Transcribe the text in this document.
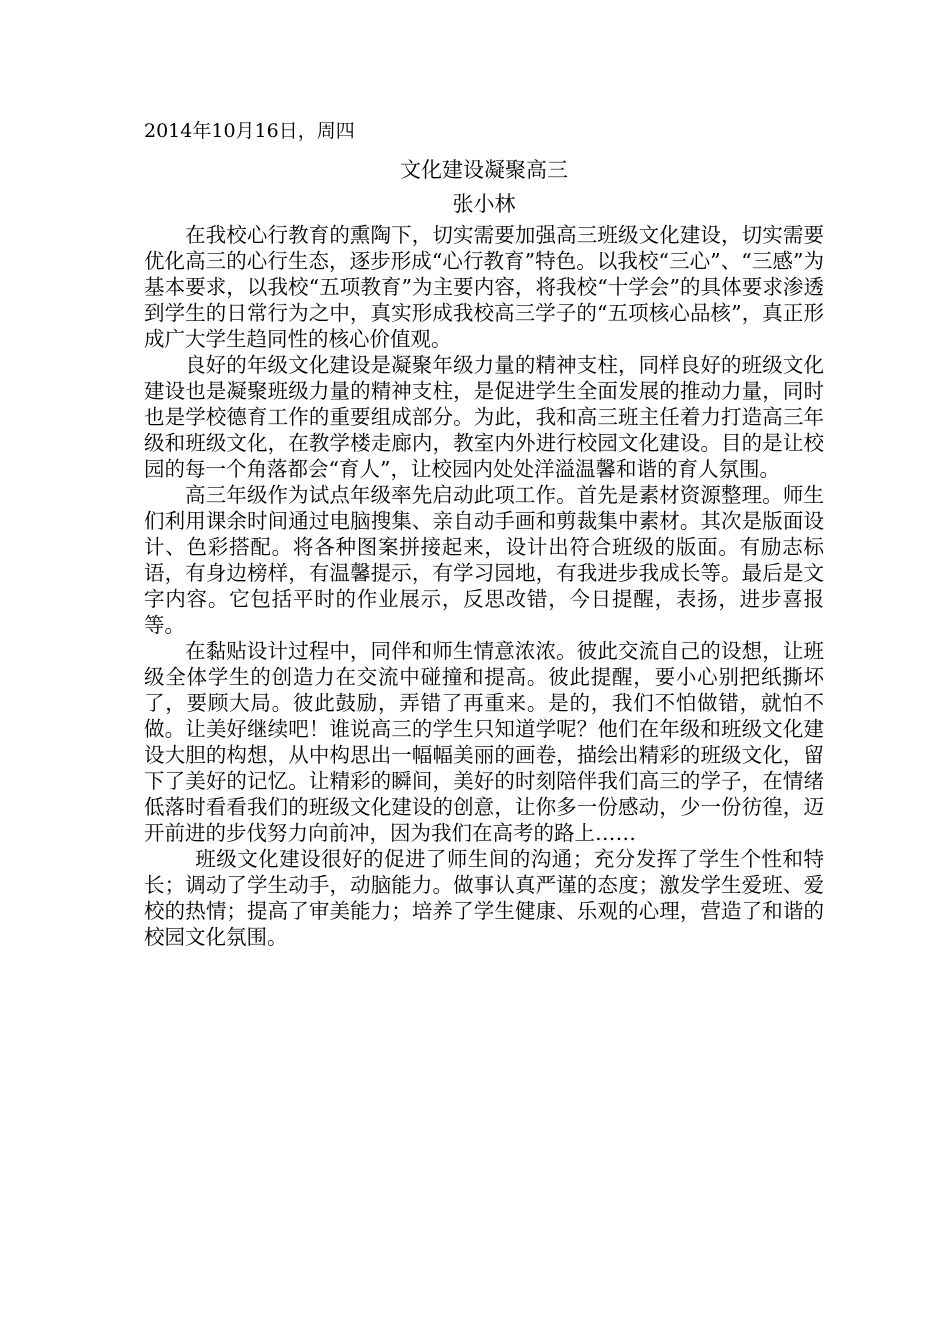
2014年10月16日，周四
文化建设凝聚高三
张小林

在我校心行教育的熏陶下，切实需要加强高三班级文化建设，切实需要优化高三的心行生态，逐步形成“心行教育”特色。以我校“三心”、“三感”为基本要求，以我校“五项教育”为主要内容，将我校“十学会”的具体要求渗透到学生的日常行为之中，真实形成我校高三学子的“五项核心品核”，真正形成广大学生趋同性的核心价值观。

良好的年级文化建设是凝聚年级力量的精神支柱，同样良好的班级文化建设也是凝聚班级力量的精神支柱，是促进学生全面发展的推动力量，同时也是学校德育工作的重要组成部分。为此，我和高三班主任着力打造高三年级和班级文化，在教学楼走廊内，教室内外进行校园文化建设。目的是让校园的每一个角落都会“育人”，让校园内处处洋溢温馨和谐的育人氛围。

高三年级作为试点年级率先启动此项工作。首先是素材资源整理。师生们利用课余时间通过电脑搜集、亲自动手画和剪裁集中素材。其次是版面设计、色彩搭配。将各种图案拼接起来，设计出符合班级的版面。有励志标语，有身边榜样，有温馨提示，有学习园地，有我进步我成长等。最后是文字内容。它包括平时的作业展示，反思改错，今日提醒，表扬，进步喜报等。

在黏贴设计过程中，同伴和师生情意浓浓。彼此交流自己的设想，让班级全体学生的创造力在交流中碰撞和提高。彼此提醒，要小心别把纸撕坏了，要顾大局。彼此鼓励，弄错了再重来。是的，我们不怕做错，就怕不做。让美好继续吧！谁说高三的学生只知道学呢？他们在年级和班级文化建设大胆的构想，从中构思出一幅幅美丽的画卷，描绘出精彩的班级文化，留下了美好的记忆。让精彩的瞬间，美好的时刻陪伴我们高三的学子，在情绪低落时看看我们的班级文化建设的创意，让你多一份感动，少一份彷徨，迈开前进的步伐努力向前冲，因为我们在高考的路上……

班级文化建设很好的促进了师生间的沟通；充分发挥了学生个性和特长；调动了学生动手，动脑能力。做事认真严谨的态度；激发学生爱班、爱校的热情；提高了审美能力；培养了学生健康、乐观的心理，营造了和谐的校园文化氛围。
